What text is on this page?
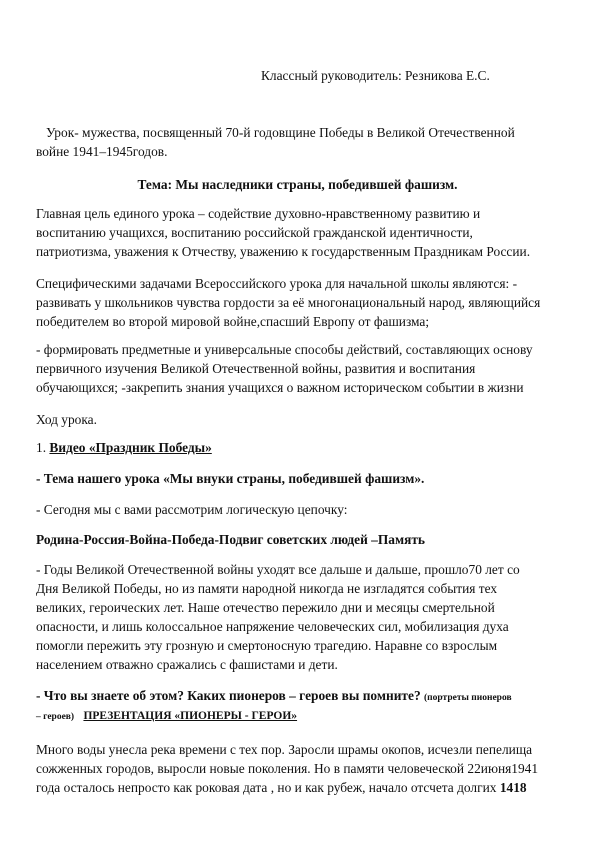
Классный руководитель: Резникова Е.С.
Урок- мужества, посвященный 70-й годовщине Победы в Великой Отечественной
войне 1941–1945годов.
Тема: Мы наследники страны, победившей фашизм.
Главная цель единого урока – содействие духовно-нравственному развитию и
воспитанию учащихся, воспитанию российской гражданской идентичности,
патриотизма, уважения к Отчеству, уважению к государственным Праздникам России.
Специфическими задачами Всероссийского урока для начальной школы являются: -
развивать у школьников чувства гордости за её многонациональный народ, являющийся
победителем во второй мировой войне,спасший Европу от фашизма;
- формировать предметные и универсальные способы действий, составляющих основу
первичного изучения Великой Отечественной войны, развития и воспитания
обучающихся; -закрепить знания учащихся о важном историческом событии в жизни
Ход урока.
1. Видео «Праздник Победы»
- Тема нашего урока «Мы внуки страны, победившей фашизм».
- Сегодня мы с вами рассмотрим логическую цепочку:
Родина-Россия-Война-Победа-Подвиг советских людей –Память
- Годы Великой Отечественной войны уходят все дальше и дальше, прошло70 лет со
Дня Великой Победы, но из памяти народной никогда не изгладятся события тех
великих, героических лет. Наше отечество пережило дни и месяцы смертельной
опасности, и лишь колоссальное напряжение человеческих сил, мобилизация духа
помогли пережить эту грозную и смертоносную трагедию. Наравне со взрослым
населением отважно сражались с фашистами и дети.
- Что вы знаете об этом? Каких пионеров – героев вы помните? (портреты пионеров
– героев) ПРЕЗЕНТАЦИЯ «ПИОНЕРЫ - ГЕРОИ»
Много воды унесла река времени с тех пор. Заросли шрамы окопов, исчезли пепелища
сожженных городов, выросли новые поколения. Но в памяти человеческой 22июня1941
года осталось непросто как роковая дата , но и как рубеж, начало отсчета долгих 1418
